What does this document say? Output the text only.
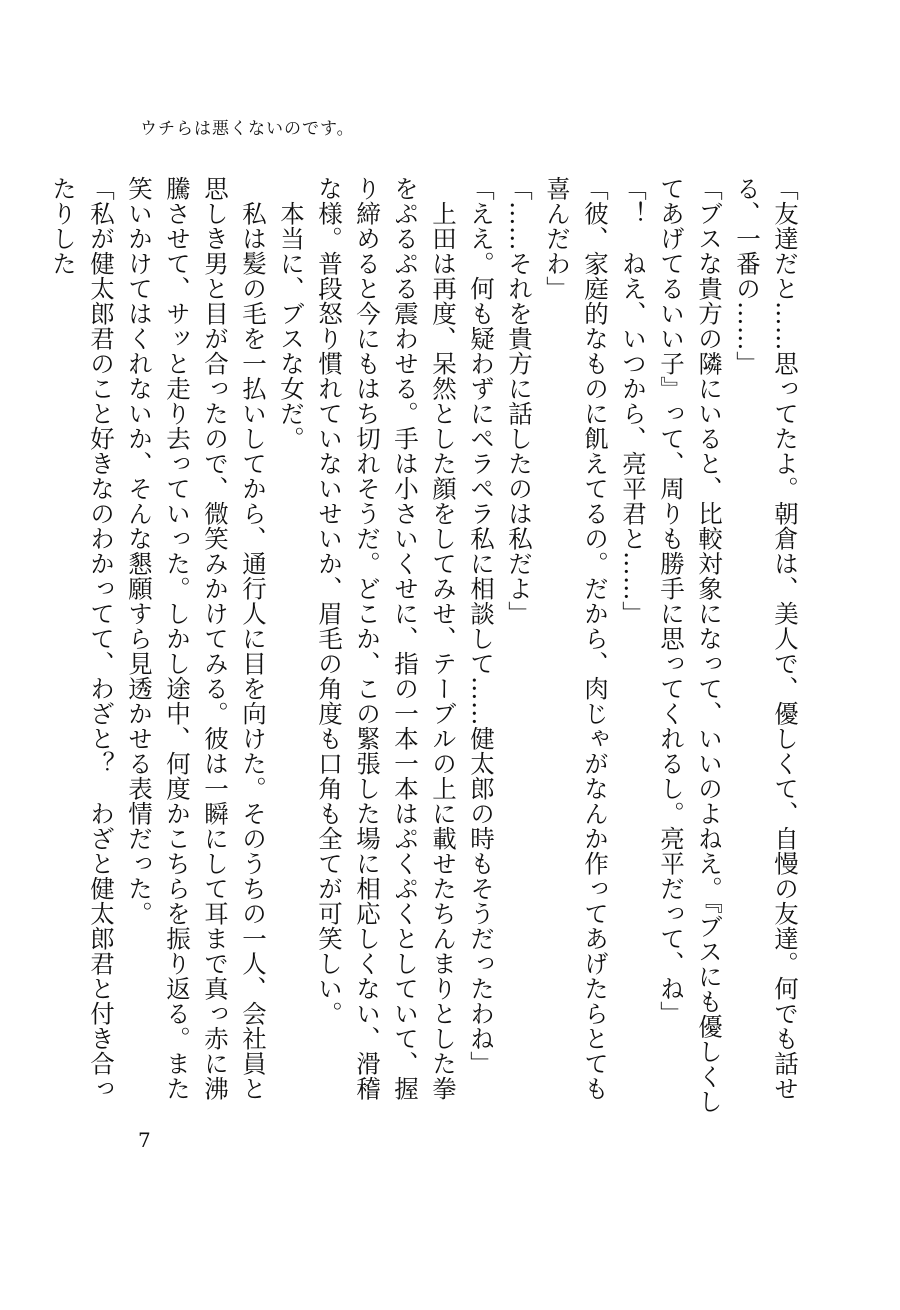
ウチらは悪くないのです。

「友達だと……思ってたよ。朝倉は、美人で、優しくて、自慢の友達。何でも話せる、一番の……」

「ブスな貴方の隣にいると、比較対象になって、いいのよねえ。『ブスにも優しくしてあげてるいい子』って、周りも勝手に思ってくれるし。亮平だって、ね」

「！　ねえ、いつから、亮平君と……」

「彼、家庭的なものに飢えてるの。だから、肉じゃがなんか作ってあげたらとても喜んだわ」

「……それを貴方に話したのは私だよ」

「ええ。何も疑わずにペラペラ私に相談して……健太郎の時もそうだったわね」

上田は再度、呆然とした顔をしてみせ、テーブルの上に載せたちんまりとした拳をぷるぷる震わせる。手は小さいくせに、指の一本一本はぷくぷくとしていて、握り締めると今にもはち切れそうだ。どこか、この緊張した場に相応しくない、滑稽な様。普段怒り慣れていないせいか、眉毛の角度も口角も全てが可笑しい。

本当に、ブスな女だ。

私は髪の毛を一払いしてから、通行人に目を向けた。そのうちの一人、会社員と思しき男と目が合ったので、微笑みかけてみる。彼は一瞬にして耳まで真っ赤に沸騰させて、サッと走り去っていった。しかし途中、何度かこちらを振り返る。また笑いかけてはくれないか、そんな懇願すら見透かせる表情だった。

「私が健太郎君のこと好きなのわかってて、わざと？　わざと健太郎君と付き合ったりした

7
